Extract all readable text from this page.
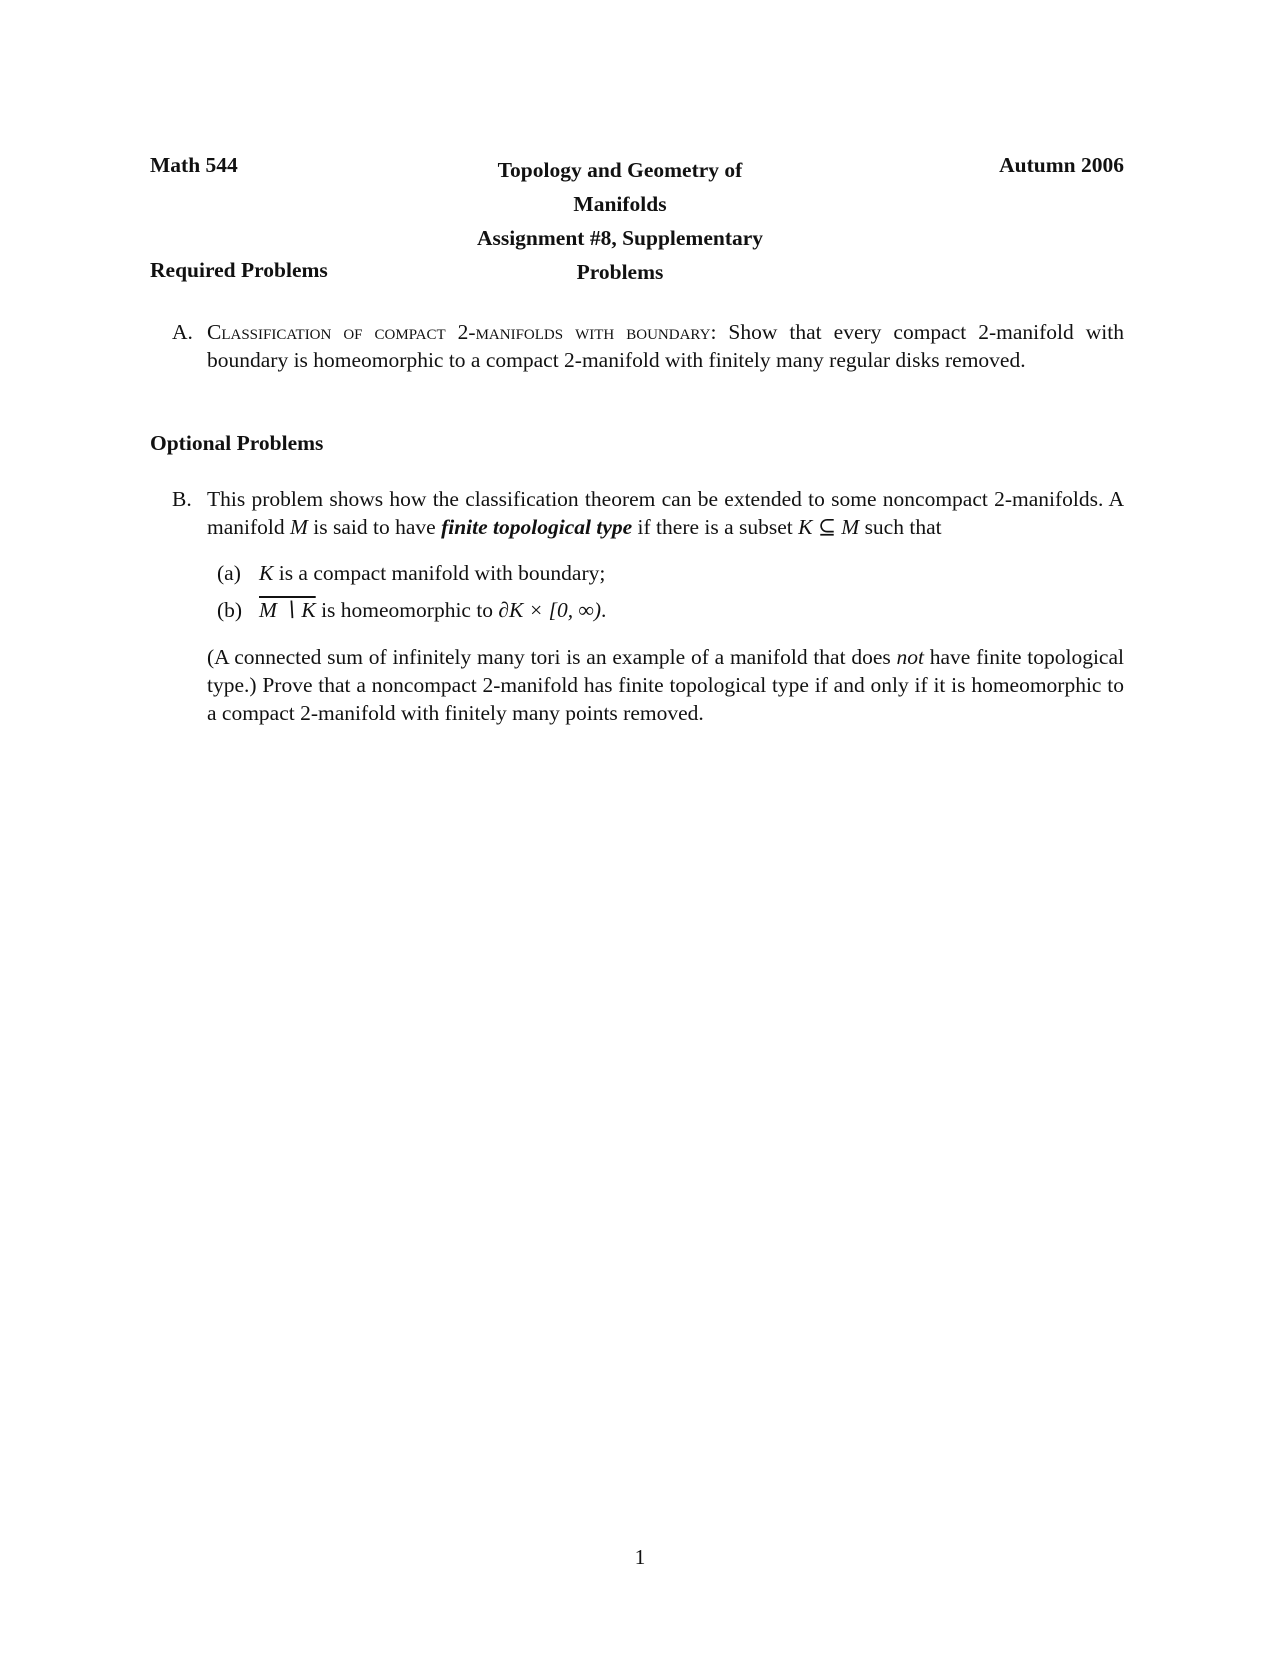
Math 544	Topology and Geometry of Manifolds
Assignment #8, Supplementary Problems
Autumn 2006
Required Problems
A. Classification of compact 2-manifolds with boundary: Show that every compact 2-manifold with boundary is homeomorphic to a compact 2-manifold with finitely many regular disks removed.
Optional Problems
B. This problem shows how the classification theorem can be extended to some noncompact 2-manifolds. A manifold M is said to have finite topological type if there is a subset K ⊆ M such that
(a) K is a compact manifold with boundary;
(b) M ∖ K is homeomorphic to ∂K × [0, ∞).
(A connected sum of infinitely many tori is an example of a manifold that does not have finite topological type.) Prove that a noncompact 2-manifold has finite topological type if and only if it is homeomorphic to a compact 2-manifold with finitely many points removed.
1
